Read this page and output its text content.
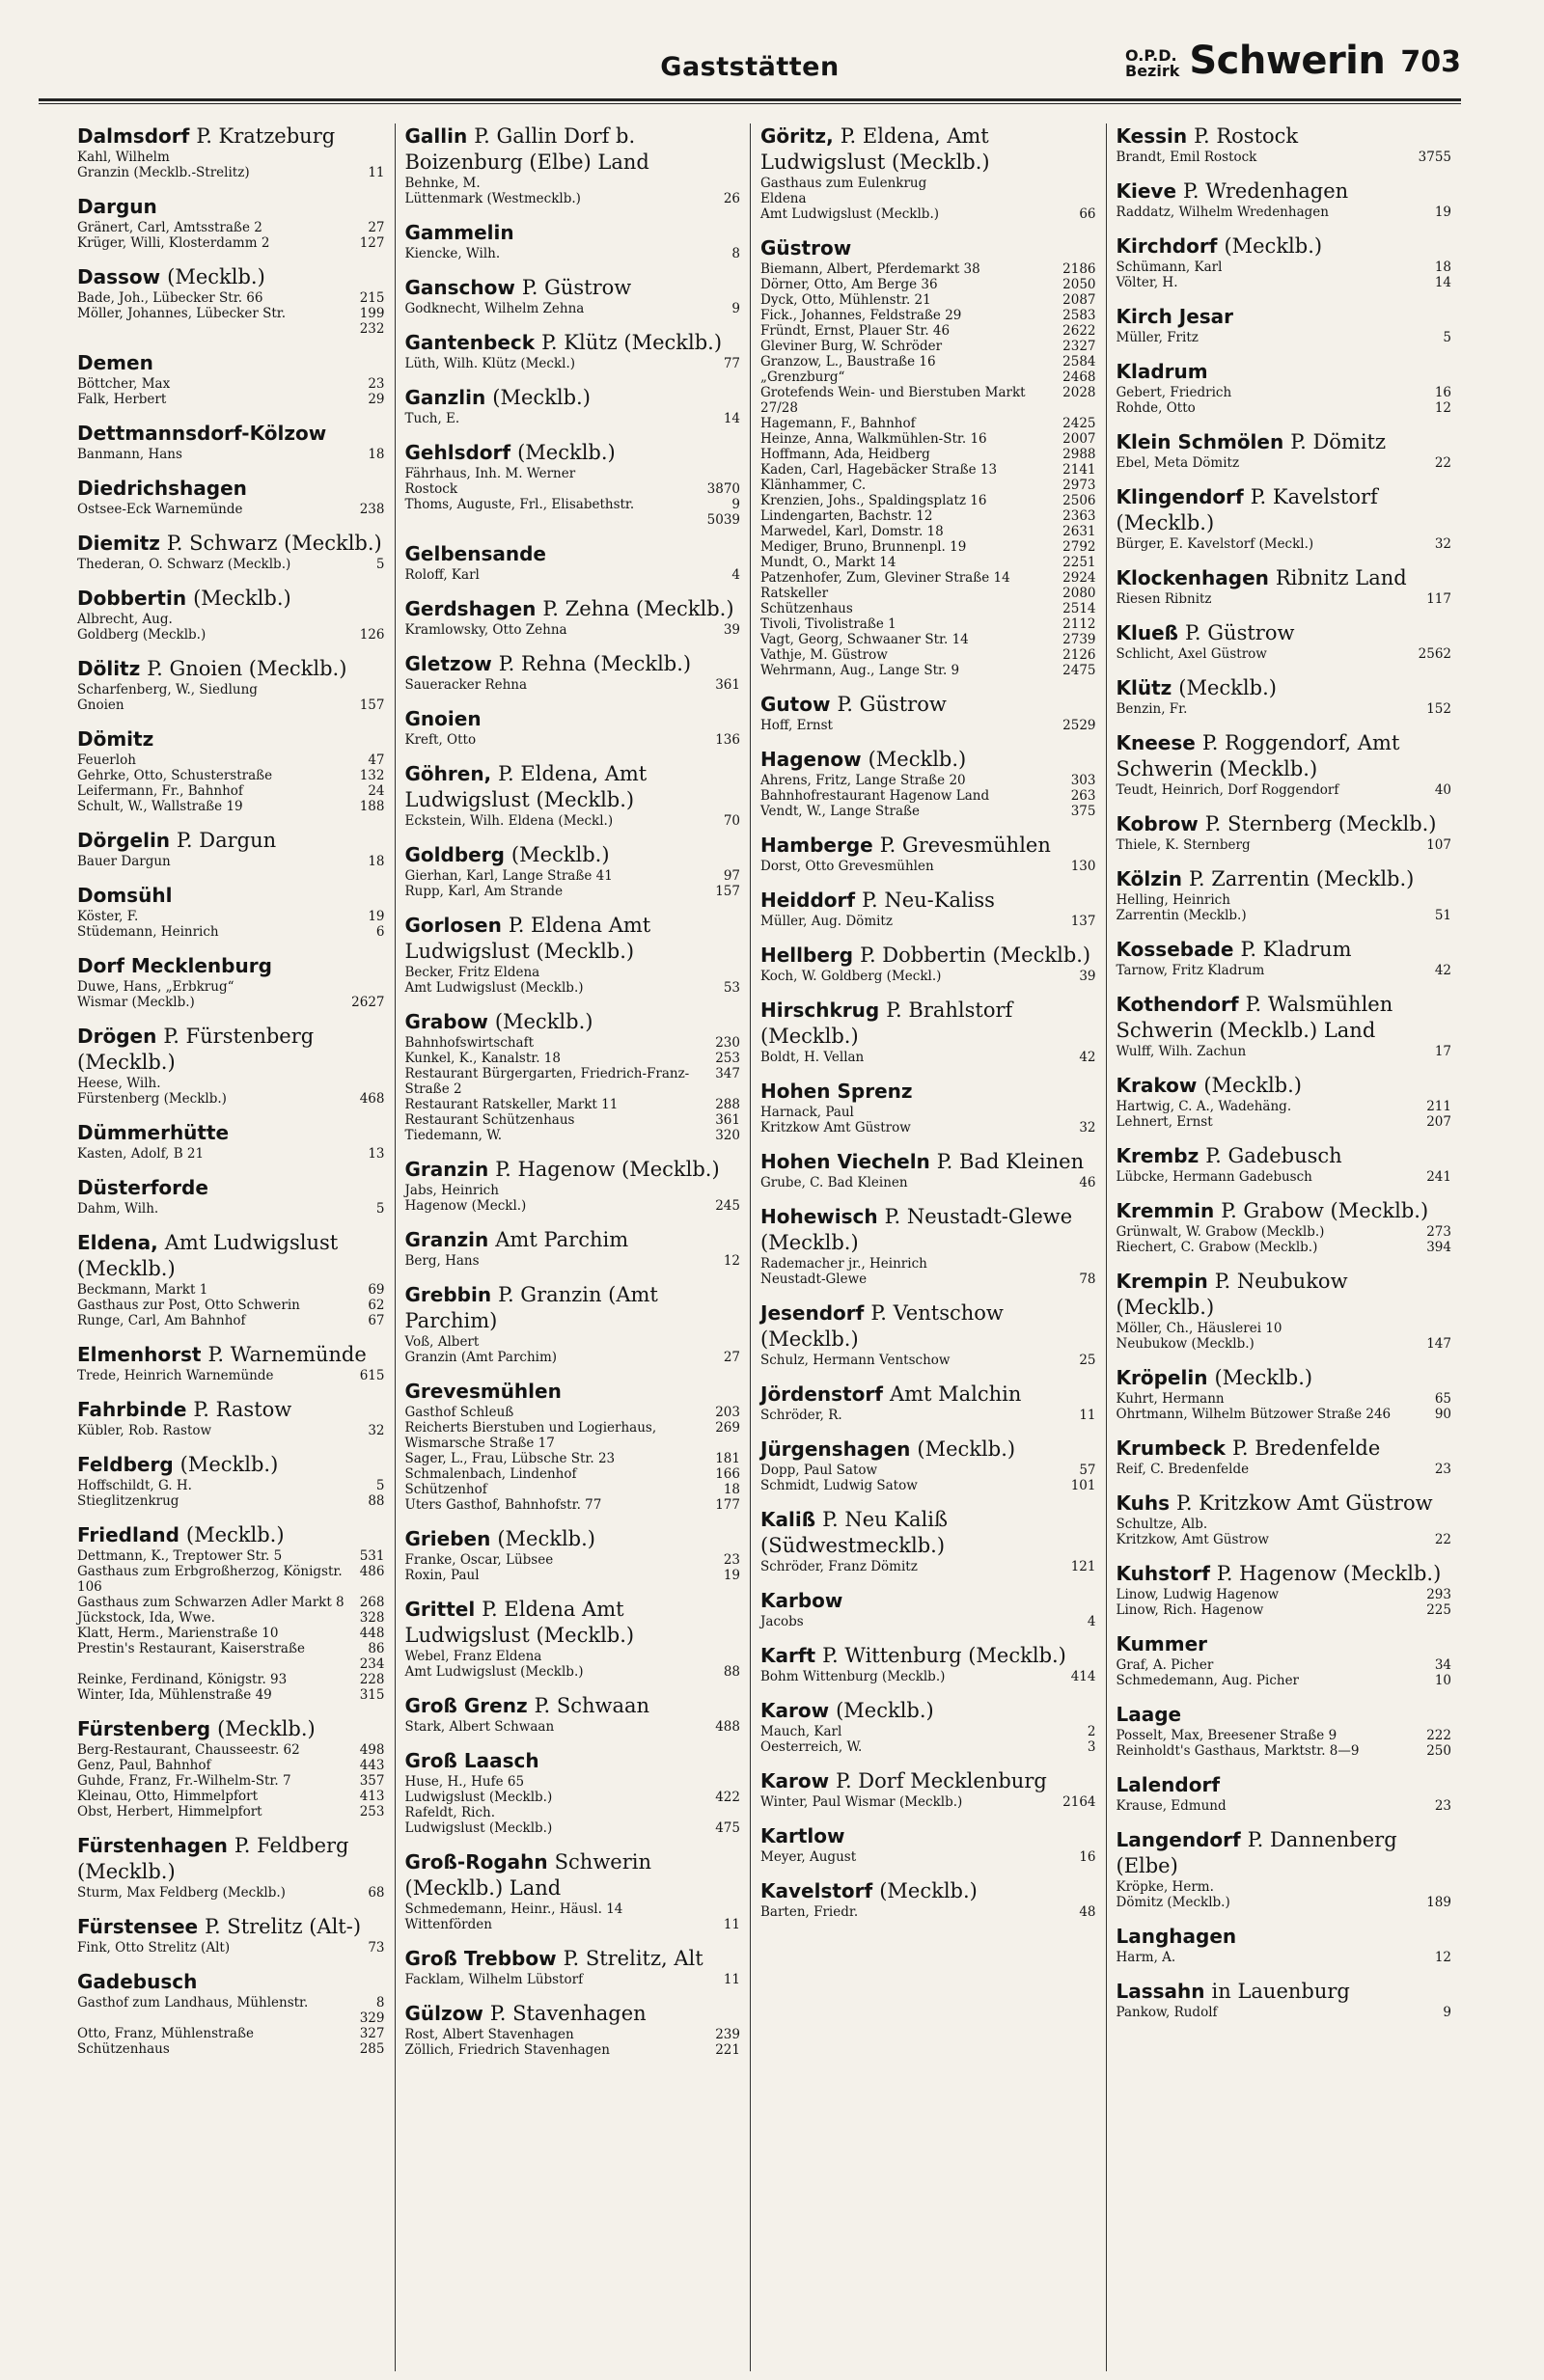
Gaststätten	O.P.D.
Bezirk Schwerin 703
Dalmsdorf P. Kratzeburg
Kahl, Wilhelm
Granzin (Mecklb.-Strelitz)	11
Dargun
Gränert, Carl, Amtsstraße 2	27
Krüger, Willi, Klosterdamm 2	127
Dassow (Mecklb.)
Bade, Joh., Lübecker Str. 66	215
Möller, Johannes, Lübecker Str.	199
232
Demen
Böttcher, Max	23
Falk, Herbert	29
Dettmannsdorf-Kölzow
Banmann, Hans	18
Diedrichshagen
Ostsee-Eck Warnemünde	238
Diemitz P. Schwarz (Mecklb.)
Thederan, O. Schwarz (Mecklb.)	5
Dobbertin (Mecklb.)
Albrecht, Aug.
Goldberg (Mecklb.)	126
Dölitz P. Gnoien (Mecklb.)
Scharfenberg, W., Siedlung
Gnoien	157
Dömitz
Feuerloh	47
Gehrke, Otto, Schusterstraße	132
Leifermann, Fr., Bahnhof	24
Schult, W., Wallstraße 19	188
Dörgelin P. Dargun
Bauer Dargun	18
Domsühl
Köster, F.	19
Stüdemann, Heinrich	6
Dorf Mecklenburg
Duwe, Hans, „Erbkrug“
Wismar (Mecklb.)	2627
Drögen P. Fürstenberg (Mecklb.)
Heese, Wilh.
Fürstenberg (Mecklb.)	468
Dümmerhütte
Kasten, Adolf, B 21	13
Düsterforde
Dahm, Wilh.	5
Eldena, Amt Ludwigslust (Mecklb.)
Beckmann, Markt 1	69
Gasthaus zur Post, Otto Schwerin	62
Runge, Carl, Am Bahnhof	67
Elmenhorst P. Warnemünde
Trede, Heinrich Warnemünde	615
Fahrbinde P. Rastow
Kübler, Rob. Rastow	32
Feldberg (Mecklb.)
Hoffschildt, G. H.	5
Stieglitzenkrug	88
Friedland (Mecklb.)
Dettmann, K., Treptower Str. 5	531
Gasthaus zum Erbgroßherzog, Königstr. 106
486
Gasthaus zum Schwarzen Adler Markt 8	268
Jückstock, Ida, Wwe.	328
Klatt, Herm., Marienstraße 10	448
Prestin's Restaurant, Kaiserstraße	86
234
Reinke, Ferdinand, Königstr. 93	228
Winter, Ida, Mühlenstraße 49	315
Fürstenberg (Mecklb.)
Berg-Restaurant, Chausseestr. 62	498
Genz, Paul, Bahnhof	443
Guhde, Franz, Fr.-Wilhelm-Str. 7	357
Kleinau, Otto, Himmelpfort	413
Obst, Herbert, Himmelpfort	253
Fürstenhagen P. Feldberg (Mecklb.)
Sturm, Max Feldberg (Mecklb.)	68
Fürstensee P. Strelitz (Alt-)
Fink, Otto Strelitz (Alt)	73
Gadebusch
Gasthof zum Landhaus, Mühlenstr.	8
329
Otto, Franz, Mühlenstraße	327
Schützenhaus	285
Gallin P. Gallin Dorf b. Boizenburg (Elbe) Land
Behnke, M.
Lüttenmark (Westmecklb.)	26
Gammelin
Kiencke, Wilh.	8
Ganschow P. Güstrow
Godknecht, Wilhelm Zehna	9
Gantenbeck P. Klütz (Mecklb.)
Lüth, Wilh. Klütz (Meckl.)	77
Ganzlin (Mecklb.)
Tuch, E.	14
Gehlsdorf (Mecklb.)
Fährhaus, Inh. M. Werner
Rostock	3870
Thoms, Auguste, Frl., Elisabethstr.	9
5039
Gelbensande
Roloff, Karl	4
Gerdshagen P. Zehna (Mecklb.)
Kramlowsky, Otto Zehna	39
Gletzow P. Rehna (Mecklb.)
Saueracker Rehna	361
Gnoien
Kreft, Otto	136
Göhren, P. Eldena, Amt Ludwigslust (Mecklb.)
Eckstein, Wilh. Eldena (Meckl.)	70
Goldberg (Mecklb.)
Gierhan, Karl, Lange Straße 41	97
Rupp, Karl, Am Strande	157
Gorlosen P. Eldena Amt Ludwigslust (Mecklb.)
Becker, Fritz Eldena
Amt Ludwigslust (Mecklb.)	53
Grabow (Mecklb.)
Bahnhofswirtschaft	230
Kunkel, K., Kanalstr. 18	253
Restaurant Bürgergarten, Friedrich-Franz-Straße 2
347
Restaurant Ratskeller, Markt 11	288
Restaurant Schützenhaus	361
Tiedemann, W.	320
Granzin P. Hagenow (Mecklb.)
Jabs, Heinrich
Hagenow (Meckl.)	245
Granzin Amt Parchim
Berg, Hans	12
Grebbin P. Granzin (Amt Parchim)
Voß, Albert
Granzin (Amt Parchim)	27
Grevesmühlen
Gasthof Schleuß	203
Reicherts Bierstuben und Logierhaus, Wismarsche Straße 17
269
Sager, L., Frau, Lübsche Str. 23	181
Schmalenbach, Lindenhof	166
Schützenhof	18
Uters Gasthof, Bahnhofstr. 77	177
Grieben (Mecklb.)
Franke, Oscar, Lübsee	23
Roxin, Paul	19
Grittel P. Eldena Amt Ludwigslust (Mecklb.)
Webel, Franz Eldena
Amt Ludwigslust (Mecklb.)	88
Groß Grenz P. Schwaan
Stark, Albert Schwaan	488
Groß Laasch
Huse, H., Hufe 65
Ludwigslust (Mecklb.)	422
Rafeldt, Rich.
Ludwigslust (Mecklb.)	475
Groß-Rogahn Schwerin (Mecklb.) Land
Schmedemann, Heinr., Häusl. 14
Wittenförden	11
Groß Trebbow P. Strelitz, Alt
Facklam, Wilhelm Lübstorf	11
Gülzow P. Stavenhagen
Rost, Albert Stavenhagen	239
Zöllich, Friedrich Stavenhagen	221
Göritz, P. Eldena, Amt Ludwigslust (Mecklb.)
Gasthaus zum Eulenkrug
Eldena
Amt Ludwigslust (Mecklb.)	66
Güstrow
Biemann, Albert, Pferdemarkt 38	2186
Dörner, Otto, Am Berge 36	2050
Dyck, Otto, Mühlenstr. 21	2087
Fick., Johannes, Feldstraße 29	2583
Fründt, Ernst, Plauer Str. 46	2622
Gleviner Burg, W. Schröder	2327
Granzow, L., Baustraße 16	2584
„Grenzburg“	2468
Grotefends Wein- und Bierstuben Markt 27/28
2028
Hagemann, F., Bahnhof	2425
Heinze, Anna, Walkmühlen-Str. 16	2007
Hoffmann, Ada, Heidberg	2988
Kaden, Carl, Hagebäcker Straße 13	2141
Klänhammer, C.	2973
Krenzien, Johs., Spaldingsplatz 16	2506
Lindengarten, Bachstr. 12	2363
Marwedel, Karl, Domstr. 18	2631
Mediger, Bruno, Brunnenpl. 19	2792
Mundt, O., Markt 14	2251
Patzenhofer, Zum, Gleviner Straße 14	2924
Ratskeller	2080
Schützenhaus	2514
Tivoli, Tivolistraße 1	2112
Vagt, Georg, Schwaaner Str. 14	2739
Vathje, M. Güstrow	2126
Wehrmann, Aug., Lange Str. 9	2475
Gutow P. Güstrow
Hoff, Ernst	2529
Hagenow (Mecklb.)
Ahrens, Fritz, Lange Straße 20	303
Bahnhofrestaurant Hagenow Land	263
Vendt, W., Lange Straße	375
Hamberge P. Grevesmühlen
Dorst, Otto Grevesmühlen	130
Heiddorf P. Neu-Kaliss
Müller, Aug. Dömitz	137
Hellberg P. Dobbertin (Mecklb.)
Koch, W. Goldberg (Meckl.)	39
Hirschkrug P. Brahlstorf (Mecklb.)
Boldt, H. Vellan	42
Hohen Sprenz
Harnack, Paul
Kritzkow Amt Güstrow	32
Hohen Viecheln P. Bad Kleinen
Grube, C. Bad Kleinen	46
Hohewisch P. Neustadt-Glewe (Mecklb.)
Rademacher jr., Heinrich
Neustadt-Glewe	78
Jesendorf P. Ventschow (Mecklb.)
Schulz, Hermann Ventschow	25
Jördenstorf Amt Malchin
Schröder, R.	11
Jürgenshagen (Mecklb.)
Dopp, Paul Satow	57
Schmidt, Ludwig Satow	101
Kaliß P. Neu Kaliß (Südwestmecklb.)
Schröder, Franz Dömitz	121
Karbow
Jacobs	4
Karft P. Wittenburg (Mecklb.)
Bohm Wittenburg (Mecklb.)	414
Karow (Mecklb.)
Mauch, Karl	2
Oesterreich, W.	3
Karow P. Dorf Mecklenburg
Winter, Paul Wismar (Mecklb.)	2164
Kartlow
Meyer, August	16
Kavelstorf (Mecklb.)
Barten, Friedr.	48
Kessin P. Rostock
Brandt, Emil Rostock	3755
Kieve P. Wredenhagen
Raddatz, Wilhelm Wredenhagen	19
Kirchdorf (Mecklb.)
Schümann, Karl	18
Völter, H.	14
Kirch Jesar
Müller, Fritz	5
Kladrum
Gebert, Friedrich	16
Rohde, Otto	12
Klein Schmölen P. Dömitz
Ebel, Meta Dömitz	22
Klingendorf P. Kavelstorf (Mecklb.)
Bürger, E. Kavelstorf (Meckl.)	32
Klockenhagen Ribnitz Land
Riesen Ribnitz	117
Klueß P. Güstrow
Schlicht, Axel Güstrow	2562
Klütz (Mecklb.)
Benzin, Fr.	152
Kneese P. Roggendorf, Amt Schwerin (Mecklb.)
Teudt, Heinrich, Dorf Roggendorf	40
Kobrow P. Sternberg (Mecklb.)
Thiele, K. Sternberg	107
Kölzin P. Zarrentin (Mecklb.)
Helling, Heinrich
Zarrentin (Mecklb.)	51
Kossebade P. Kladrum
Tarnow, Fritz Kladrum	42
Kothendorf P. Walsmühlen Schwerin (Mecklb.) Land
Wulff, Wilh. Zachun	17
Krakow (Mecklb.)
Hartwig, C. A., Wadehäng.	211
Lehnert, Ernst	207
Krembz P. Gadebusch
Lübcke, Hermann Gadebusch	241
Kremmin P. Grabow (Mecklb.)
Grünwalt, W. Grabow (Mecklb.)	273
Riechert, C. Grabow (Mecklb.)	394
Krempin P. Neubukow (Mecklb.)
Möller, Ch., Häuslerei 10
Neubukow (Mecklb.)	147
Kröpelin (Mecklb.)
Kuhrt, Hermann	65
Ohrtmann, Wilhelm Bützower Straße 246	90
Krumbeck P. Bredenfelde
Reif, C. Bredenfelde	23
Kuhs P. Kritzkow Amt Güstrow
Schultze, Alb.
Kritzkow, Amt Güstrow	22
Kuhstorf P. Hagenow (Mecklb.)
Linow, Ludwig Hagenow	293
Linow, Rich. Hagenow	225
Kummer
Graf, A. Picher	34
Schmedemann, Aug. Picher	10
Laage
Posselt, Max, Breesener Straße 9	222
Reinholdt's Gasthaus, Marktstr. 8—9	250
Lalendorf
Krause, Edmund	23
Langendorf P. Dannenberg (Elbe)
Kröpke, Herm.
Dömitz (Mecklb.)	189
Langhagen
Harm, A.	12
Lassahn in Lauenburg
Pankow, Rudolf	9
